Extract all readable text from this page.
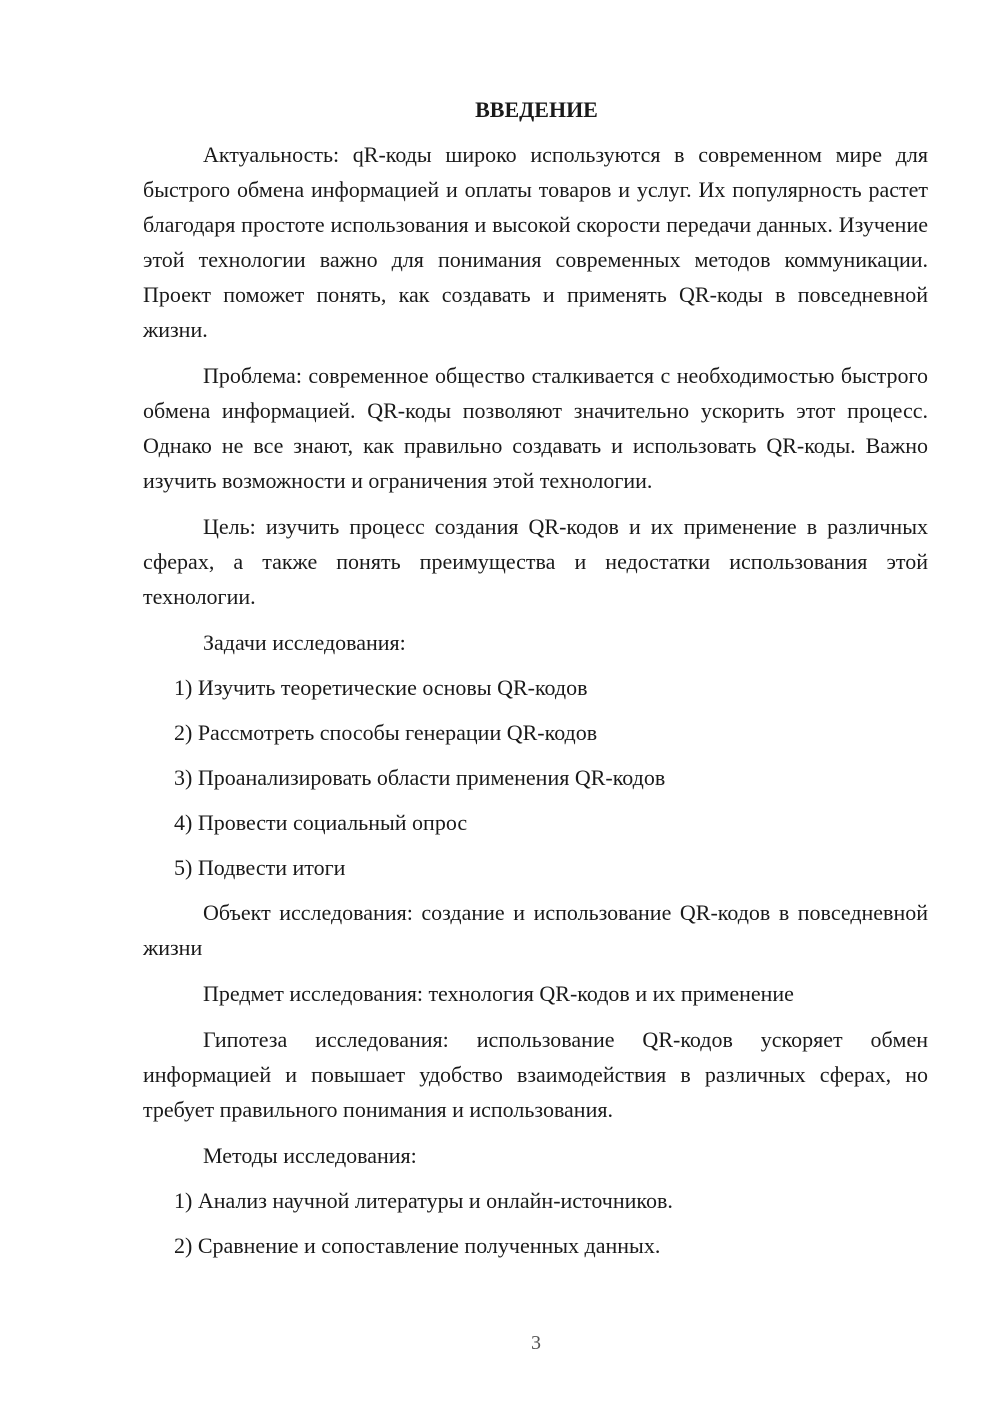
ВВЕДЕНИЕ

Актуальность: qR-коды широко используются в современном мире для быстрого обмена информацией и оплаты товаров и услуг. Их популярность растет благодаря простоте использования и высокой скорости передачи данных. Изучение этой технологии важно для понимания современных методов коммуникации. Проект поможет понять, как создавать и применять QR-коды в повседневной жизни.

Проблема: современное общество сталкивается с необходимостью быстрого обмена информацией. QR-коды позволяют значительно ускорить этот процесс. Однако не все знают, как правильно создавать и использовать QR-коды. Важно изучить возможности и ограничения этой технологии.

Цель: изучить процесс создания QR-кодов и их применение в различных сферах, а также понять преимущества и недостатки использования этой технологии.

Задачи исследования:

1) Изучить теоретические основы QR-кодов
2) Рассмотреть способы генерации QR-кодов
3) Проанализировать области применения QR-кодов
4) Провести социальный опрос
5) Подвести итоги

Объект исследования: создание и использование QR-кодов в повседневной жизни

Предмет исследования: технология QR-кодов и их применение

Гипотеза исследования: использование QR-кодов ускоряет обмен информацией и повышает удобство взаимодействия в различных сферах, но требует правильного понимания и использования.

Методы исследования:

1) Анализ научной литературы и онлайн-источников.
2) Сравнение и сопоставление полученных данных.
3
